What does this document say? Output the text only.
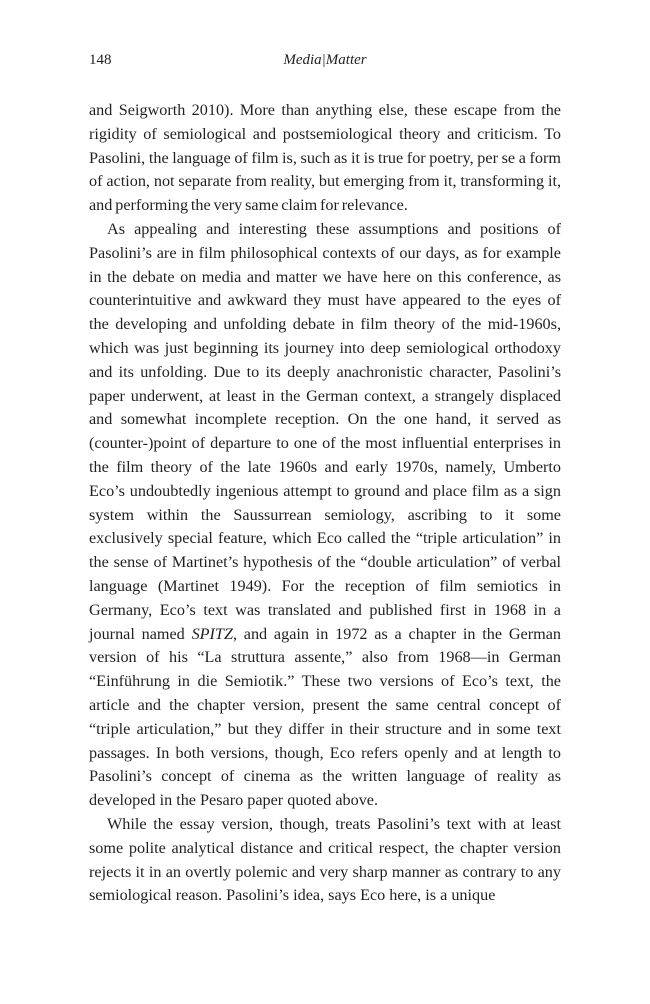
148	Media|Matter

and Seigworth 2010). More than anything else, these escape from the rigidity of semiological and postsemiological theory and criticism. To Pasolini, the language of film is, such as it is true for poetry, per se a form of action, not separate from reality, but emerging from it, transforming it, and performing the very same claim for relevance.

As appealing and interesting these assumptions and positions of Pasolini’s are in film philosophical contexts of our days, as for example in the debate on media and matter we have here on this conference, as counterintuitive and awkward they must have appeared to the eyes of the developing and unfolding debate in film theory of the mid-1960s, which was just beginning its journey into deep semiological orthodoxy and its unfolding. Due to its deeply anachronistic character, Pasolini’s paper underwent, at least in the German context, a strangely displaced and somewhat incomplete reception. On the one hand, it served as (counter-)point of departure to one of the most influential enterprises in the film theory of the late 1960s and early 1970s, namely, Umberto Eco’s undoubtedly ingenious attempt to ground and place film as a sign system within the Saussurrean semiology, ascribing to it some exclusively special feature, which Eco called the “triple articulation” in the sense of Martinet’s hypothesis of the “double articulation” of verbal language (Martinet 1949). For the reception of film semiotics in Germany, Eco’s text was translated and published first in 1968 in a journal named SPITZ, and again in 1972 as a chapter in the German version of his “La struttura assente,” also from 1968—in German “Einführung in die Semiotik.” These two versions of Eco’s text, the article and the chapter version, present the same central concept of “triple articulation,” but they differ in their structure and in some text passages. In both versions, though, Eco refers openly and at length to Pasolini’s concept of cinema as the written language of reality as developed in the Pesaro paper quoted above.

While the essay version, though, treats Pasolini’s text with at least some polite analytical distance and critical respect, the chapter version rejects it in an overtly polemic and very sharp manner as contrary to any semiological reason. Pasolini’s idea, says Eco here, is a unique
